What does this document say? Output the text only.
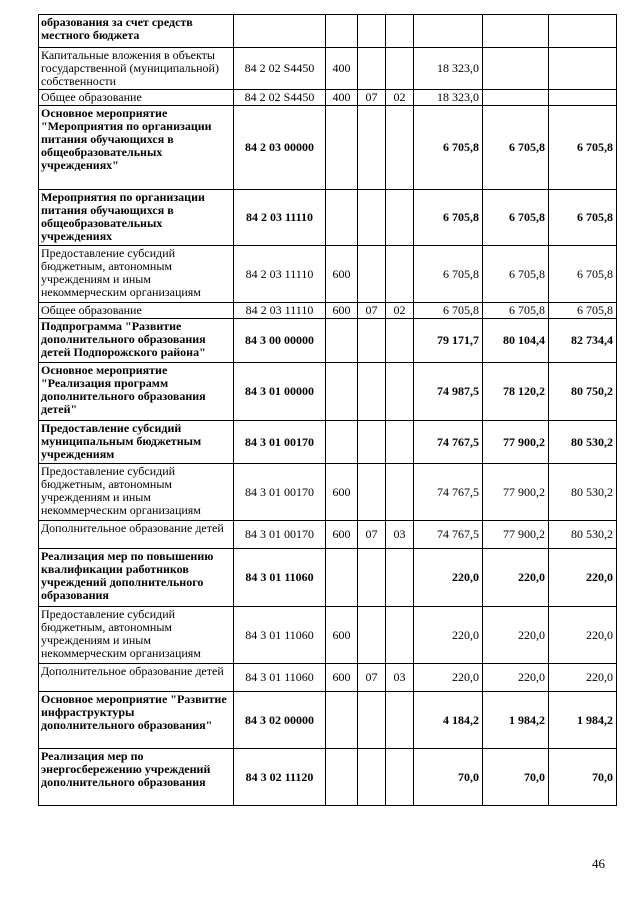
образования за счет средств местного бюджета							
Капитальные вложения в объекты государственной (муниципальной) собственности	84 2 02 S4450	400			18 323,0		
Общее образование	84 2 02 S4450	400	07	02	18 323,0		
Основное мероприятие "Мероприятия по организации питания обучающихся в общеобразовательных учреждениях"	84 2 03 00000				6 705,8	6 705,8	6 705,8
Мероприятия по организации питания обучающихся в общеобразовательных учреждениях	84 2 03 11110				6 705,8	6 705,8	6 705,8
Предоставление субсидий бюджетным, автономным учреждениям и иным некоммерческим организациям	84 2 03 11110	600			6 705,8	6 705,8	6 705,8
Общее образование	84 2 03 11110	600	07	02	6 705,8	6 705,8	6 705,8
Подпрограмма "Развитие дополнительного образования детей Подпорожского района"	84 3 00 00000				79 171,7	80 104,4	82 734,4
Основное мероприятие "Реализация программ дополнительного образования детей"	84 3 01 00000				74 987,5	78 120,2	80 750,2
Предоставление субсидий муниципальным бюджетным учреждениям	84 3 01 00170				74 767,5	77 900,2	80 530,2
Предоставление субсидий бюджетным, автономным учреждениям и иным некоммерческим организациям	84 3 01 00170	600			74 767,5	77 900,2	80 530,2
Дополнительное образование детей	84 3 01 00170	600	07	03	74 767,5	77 900,2	80 530,2
Реализация мер по повышению квалификации работников учреждений дополнительного образования	84 3 01 11060				220,0	220,0	220,0
Предоставление субсидий бюджетным, автономным учреждениям и иным некоммерческим организациям	84 3 01 11060	600			220,0	220,0	220,0
Дополнительное образование детей	84 3 01 11060	600	07	03	220,0	220,0	220,0
Основное мероприятие "Развитие инфраструктуры дополнительного образования"	84 3 02 00000				4 184,2	1 984,2	1 984,2
Реализация мер по энергосбережению учреждений дополнительного образования	84 3 02 11120				70,0	70,0	70,0
46
